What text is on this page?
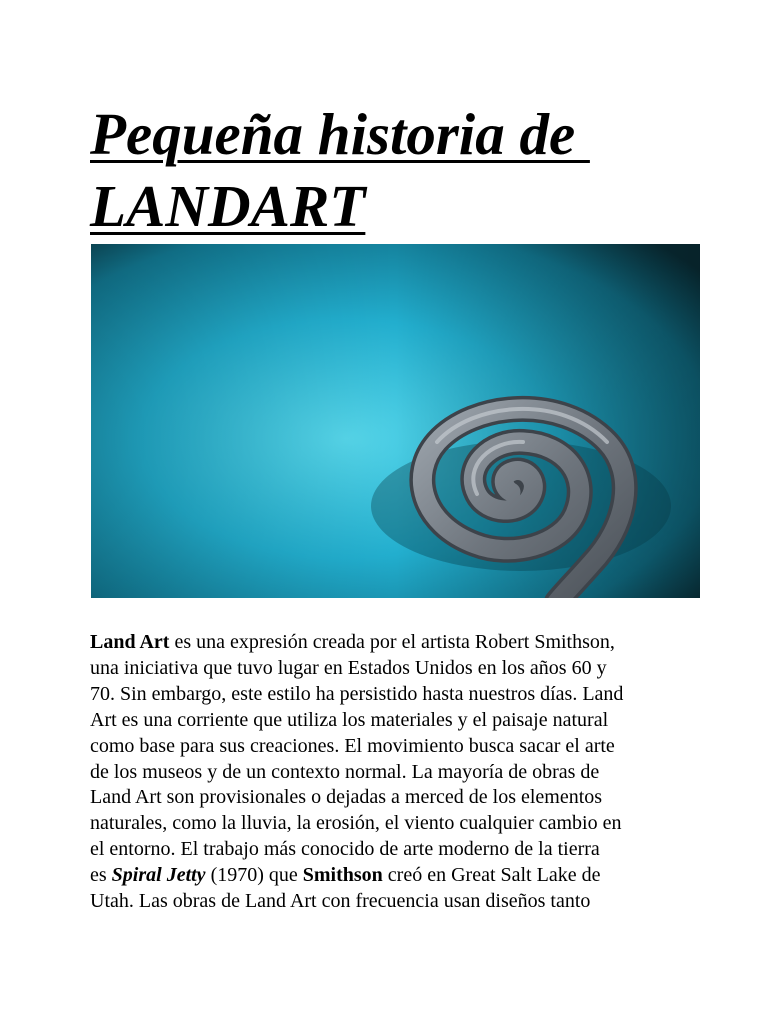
Pequeña historia de
LANDART

Land Art es una expresión creada por el artista Robert Smithson,
una iniciativa que tuvo lugar en Estados Unidos en los años 60 y
70. Sin embargo, este estilo ha persistido hasta nuestros días. Land
Art es una corriente que utiliza los materiales y el paisaje natural
como base para sus creaciones. El movimiento busca sacar el arte
de los museos y de un contexto normal. La mayoría de obras de
Land Art son provisionales o dejadas a merced de los elementos
naturales, como la lluvia, la erosión, el viento cualquier cambio en
el entorno. El trabajo más conocido de arte moderno de la tierra
es Spiral Jetty (1970) que Smithson creó en Great Salt Lake de
Utah. Las obras de Land Art con frecuencia usan diseños tanto
